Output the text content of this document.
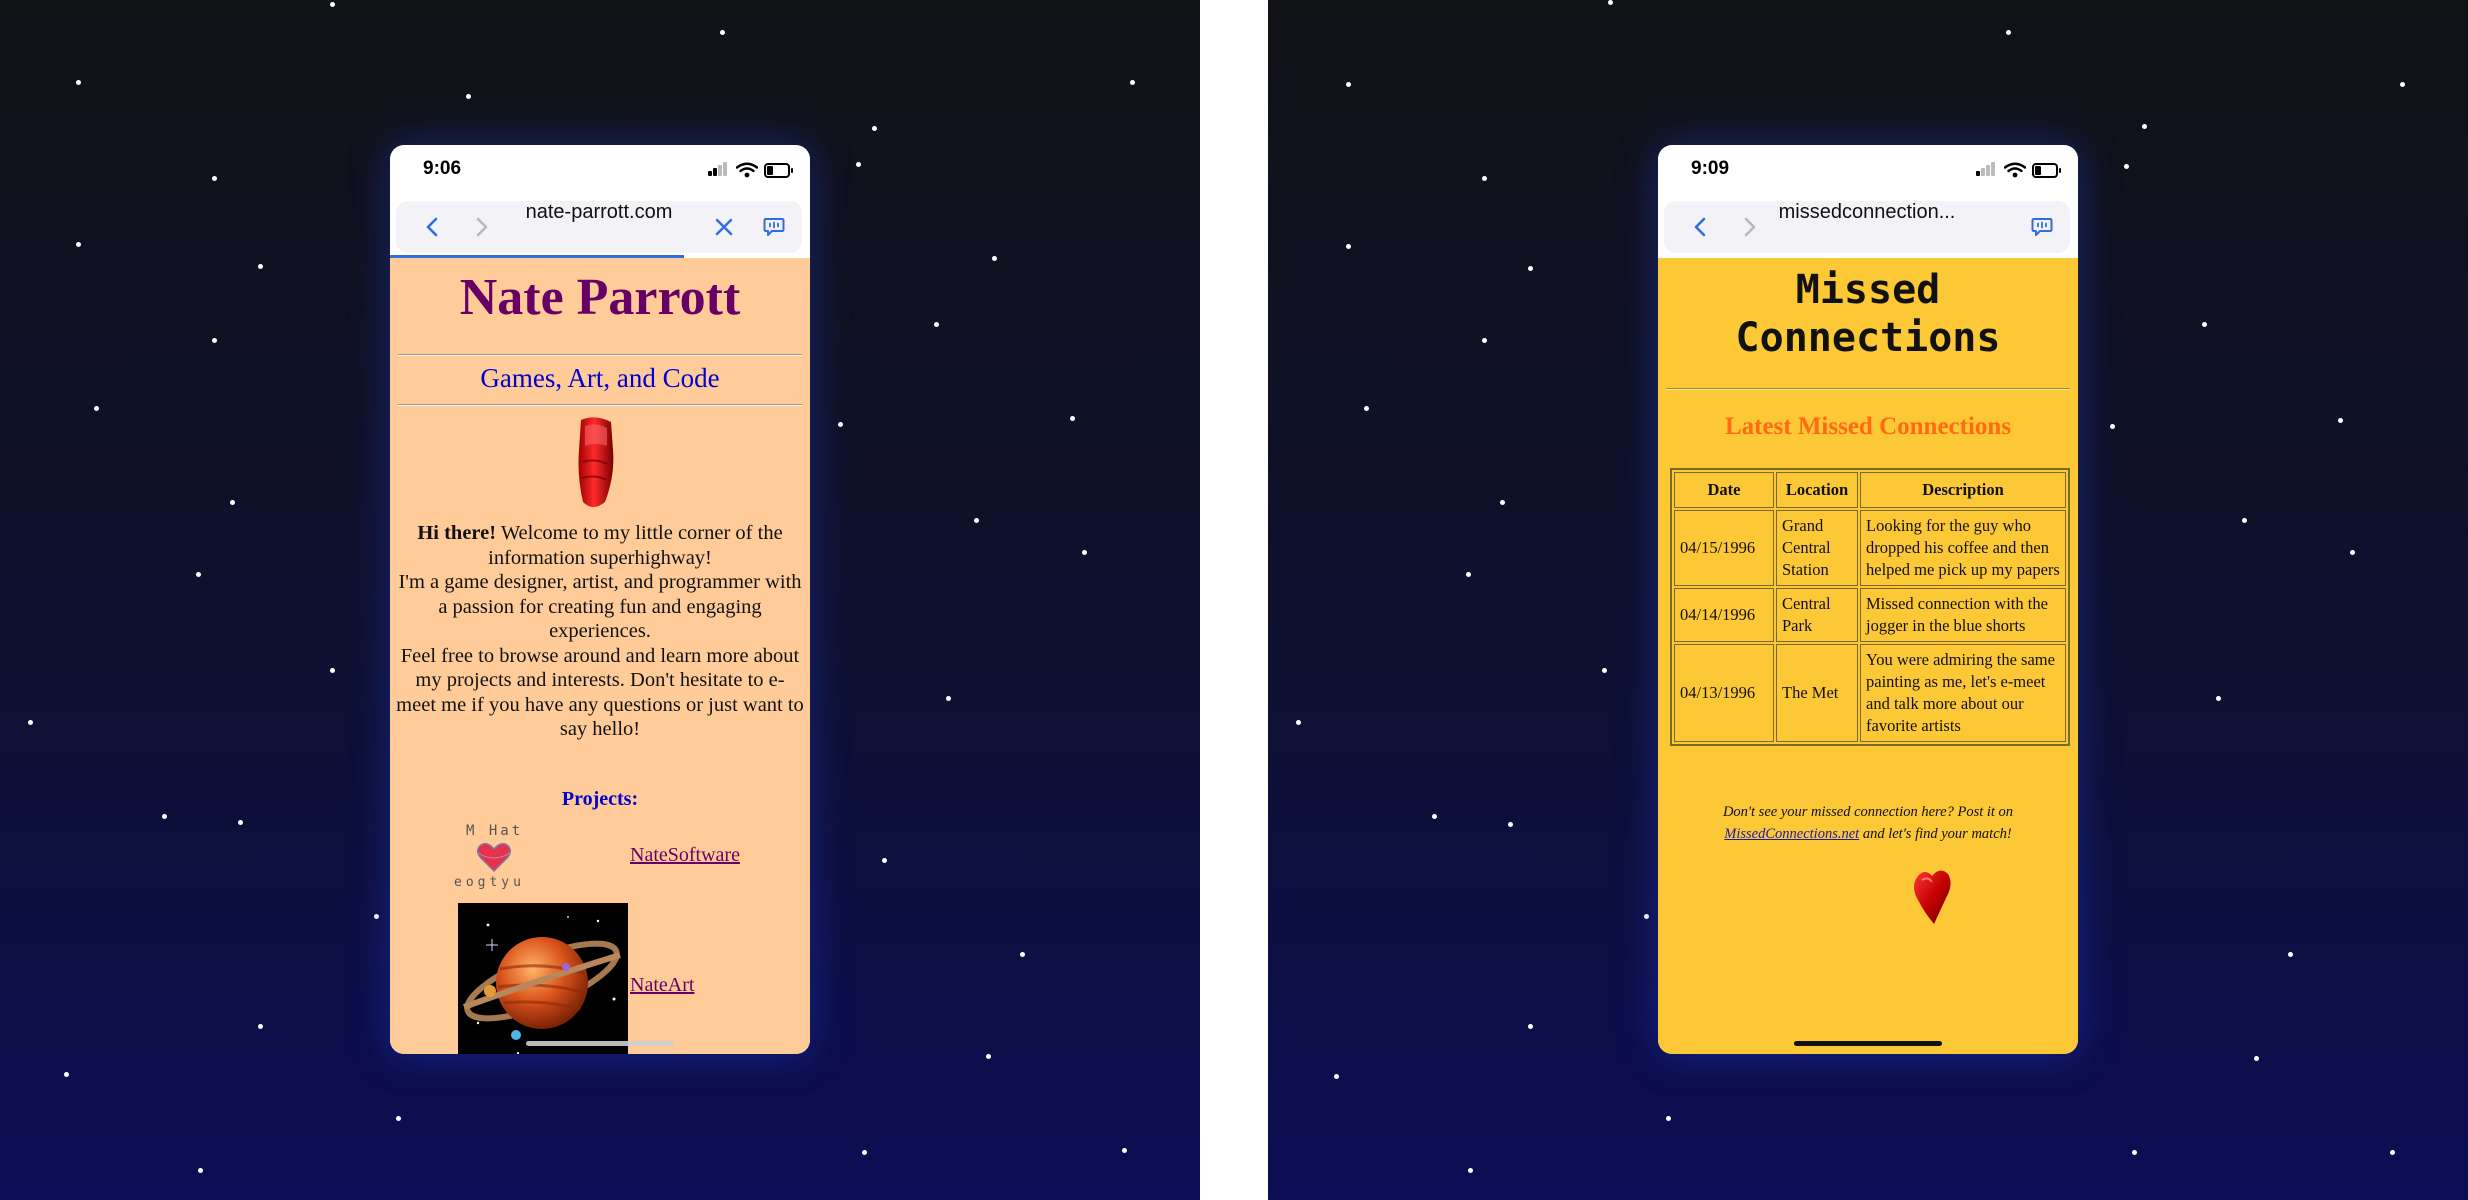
9:06
nate-parrott.com
Nate Parrott
Games, Art, and Code
Hi there! Welcome to my little corner of the information superhighway!
I'm a game designer, artist, and programmer with a passion for creating fun and engaging experiences.
Feel free to browse around and learn more about my projects and interests. Don't hesitate to e-meet me if you have any questions or just want to say hello!
Projects:
M Hat
eogtyu
NateSoftware
NateArt
9:09
missedconnection...
Missed
Connections
Latest Missed Connections
Date	Location	Description
04/15/1996	Grand Central Station	Looking for the guy who dropped his coffee and then helped me pick up my papers
04/14/1996	Central Park	Missed connection with the jogger in the blue shorts
04/13/1996	The Met	You were admiring the same painting as me, let's e-meet and talk more about our favorite artists
Don't see your missed connection here? Post it on MissedConnections.net and let's find your match!
